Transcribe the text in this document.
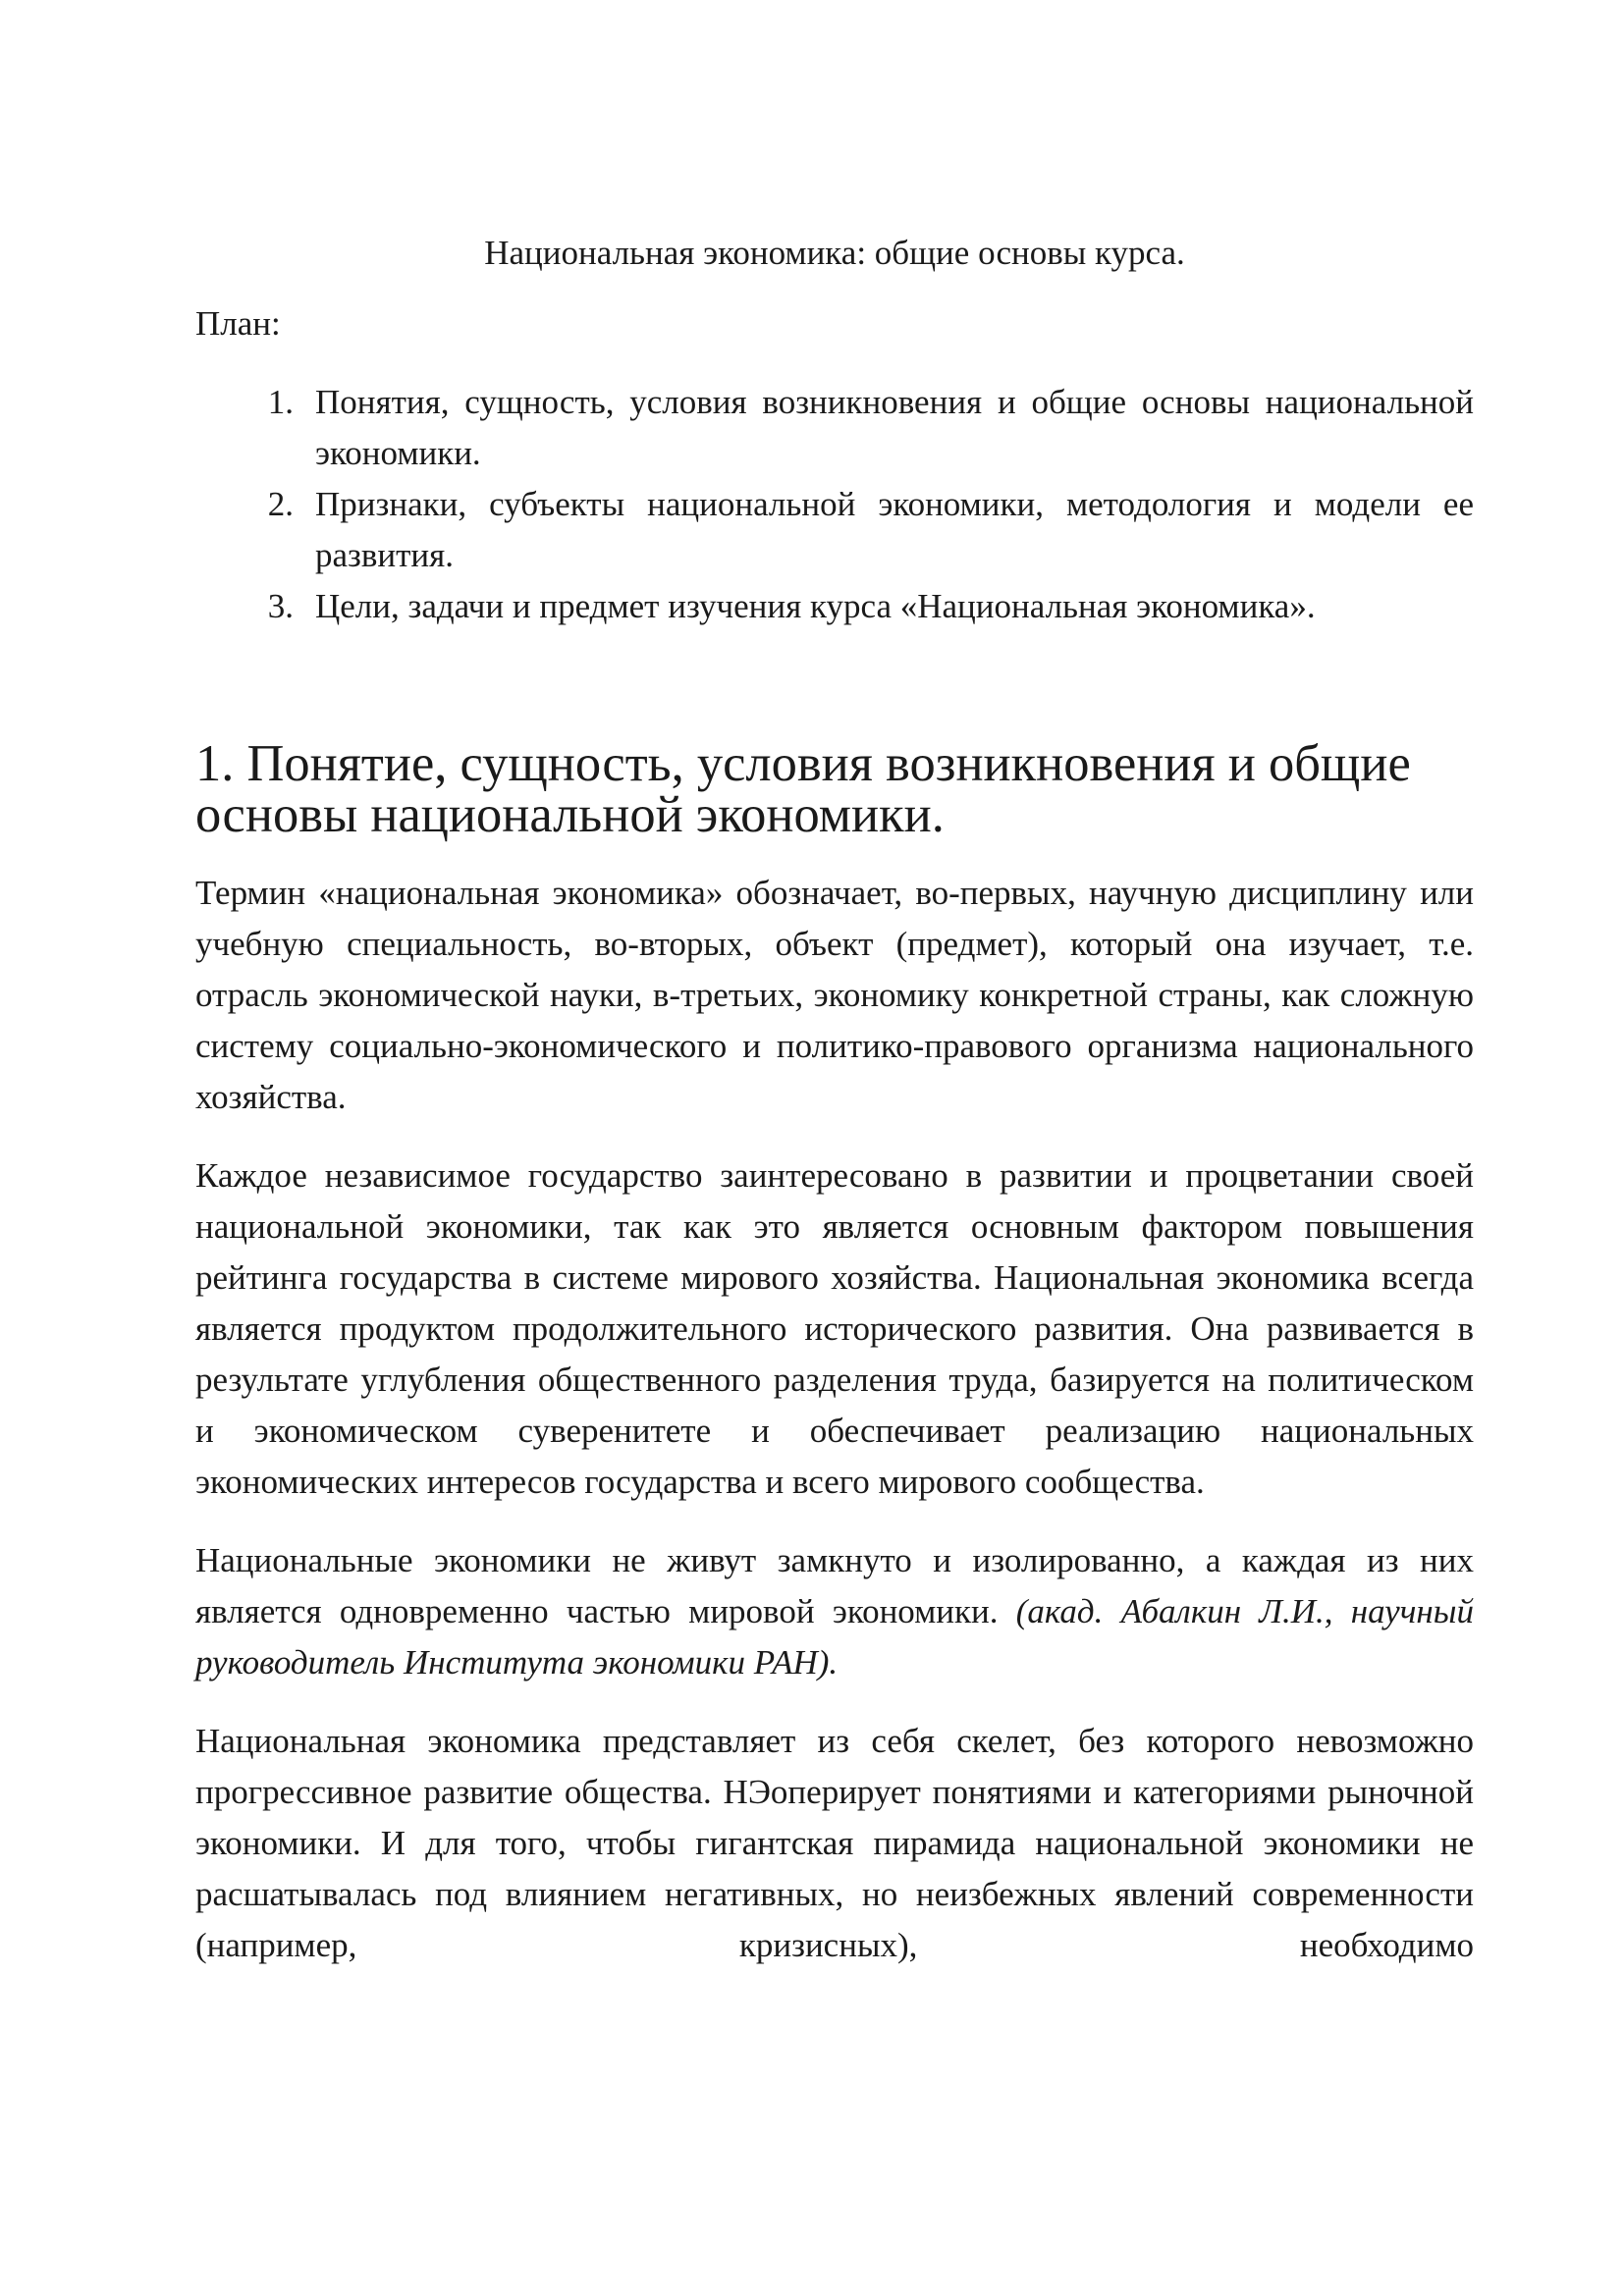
Национальная экономика: общие основы курса.

План:

1. Понятия, сущность, условия возникновения и общие основы национальной экономики.
2. Признаки, субъекты национальной экономики, методология и модели ее развития.
3. Цели, задачи и предмет изучения курса «Национальная экономика».
1. Понятие, сущность, условия возникновения и общие основы национальной экономики.

Термин «национальная экономика» обозначает, во-первых, научную дисциплину или учебную специальность, во-вторых, объект (предмет), который она изучает, т.е. отрасль экономической науки, в-третьих, экономику конкретной страны, как сложную систему социально-экономического и политико-правового организма национального хозяйства.

Каждое независимое государство заинтересовано в развитии и процветании своей национальной экономики, так как это является основным фактором повышения рейтинга государства в системе мирового хозяйства. Национальная экономика всегда является продуктом продолжительного исторического развития. Она развивается в результате углубления общественного разделения труда, базируется на политическом и экономическом суверенитете и обеспечивает реализацию национальных экономических интересов государства и всего мирового сообщества.

Национальные экономики не живут замкнуто и изолированно, а каждая из них является одновременно частью мировой экономики. (акад. Абалкин Л.И., научный руководитель Института экономики РАН).

Национальная экономика представляет из себя скелет, без которого невозможно прогрессивное развитие общества. НЭоперирует понятиями и категориями рыночной экономики. И для того, чтобы гигантская пирамида национальной экономики не расшатывалась под влиянием негативных, но неизбежных явлений современности (например, кризисных), необходимо
